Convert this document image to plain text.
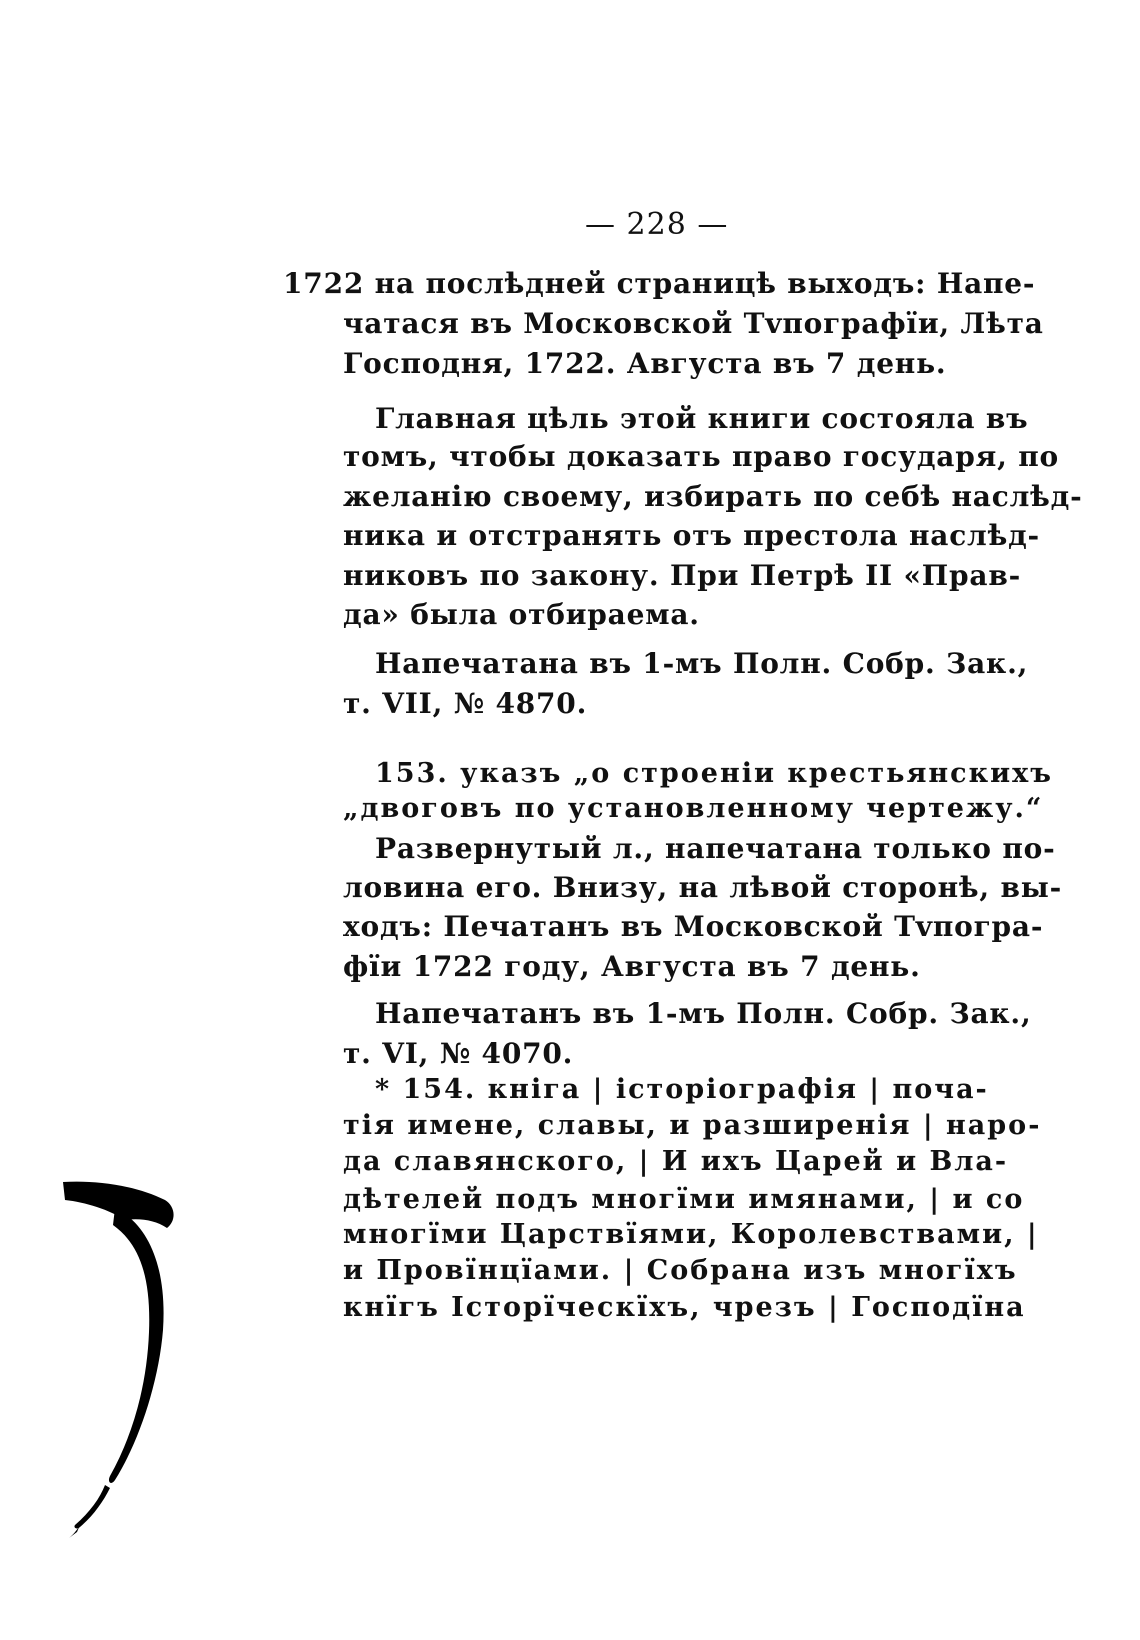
— 228 —
1722 на послѣдней страницѣ выходъ: Напе-
чатася въ Московской Тvпографїи, Лѣта
Господня, 1722. Августа въ 7 день.
Главная цѣль этой книги состояла въ
томъ, чтобы доказать право государя, по
желанію своему, избирать по себѣ наслѣд-
ника и отстранять отъ престола наслѣд-
никовъ по закону. При Петрѣ II «Прав-
да» была отбираема.
Напечатана въ 1-мъ Полн. Собр. Зак.,
т. VII, № 4870.
153. указъ „о строеніи крестьянскихъ
„двоговъ по установленному чертежу.“
Развернутый л., напечатана только по-
ловина его. Внизу, на лѣвой сторонѣ, вы-
ходъ: Печатанъ въ Московской Тvпогра-
фїи 1722 году, Августа въ 7 день.
Напечатанъ въ 1-мъ Полн. Собр. Зак.,
т. VI, № 4070.
* 154. кніга | історіографія | поча-
тія имене, славы, и разширенія | наро-
да славянского, | И ихъ Царей и Вла-
дѣтелей подъ многїми имянами, | и со
многїми Царствїями, Королевствами, |
и Провїнцїами. | Собрана изъ многїхъ
кнїгъ Історїческїхъ, чрезъ | Господїна
